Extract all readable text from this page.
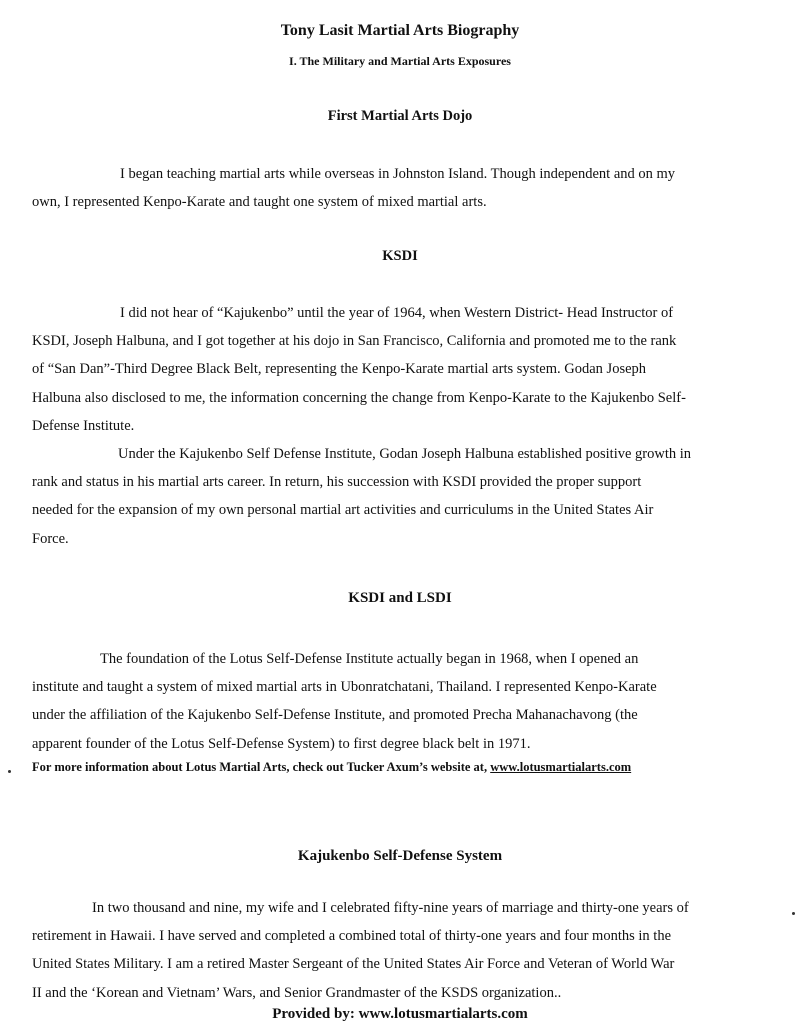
Tony Lasit Martial Arts Biography
I. The Military and Martial Arts Exposures
First Martial Arts Dojo
I began teaching martial arts while overseas in Johnston Island. Though independent and on my
own, I represented Kenpo-Karate and taught one system of mixed martial arts.
KSDI
I did not hear of “Kajukenbo” until the year of 1964, when Western District- Head Instructor of
KSDI, Joseph Halbuna, and I got together at his dojo in San Francisco, California and promoted me to the rank
of “San Dan”-Third Degree Black Belt, representing the Kenpo-Karate martial arts system. Godan Joseph
Halbuna also disclosed to me, the information concerning the change from Kenpo-Karate to the Kajukenbo Self-
Defense Institute.
Under the Kajukenbo Self Defense Institute, Godan Joseph Halbuna established positive growth in
rank and status in his martial arts career. In return, his succession with KSDI provided the proper support
needed for the expansion of my own personal martial art activities and curriculums in the United States Air
Force.
KSDI and LSDI
The foundation of the Lotus Self-Defense Institute actually began in 1968, when I opened an
institute and taught a system of mixed martial arts in Ubonratchatani, Thailand. I represented Kenpo-Karate
under the affiliation of the Kajukenbo Self-Defense Institute, and promoted Precha Mahanachavong (the
apparent founder of the Lotus Self-Defense System) to first degree black belt in 1971.
For more information about Lotus Martial Arts, check out Tucker Axum’s website at, www.lotusmartialarts.com
Kajukenbo Self-Defense System
In two thousand and nine, my wife and I celebrated fifty-nine years of marriage and thirty-one years of
retirement in Hawaii. I have served and completed a combined total of thirty-one years and four months in the
United States Military. I am a retired Master Sergeant of the United States Air Force and Veteran of World War
II and the ‘Korean and Vietnam’ Wars, and Senior Grandmaster of the KSDS organization..
Provided by: www.lotusmartialarts.com
